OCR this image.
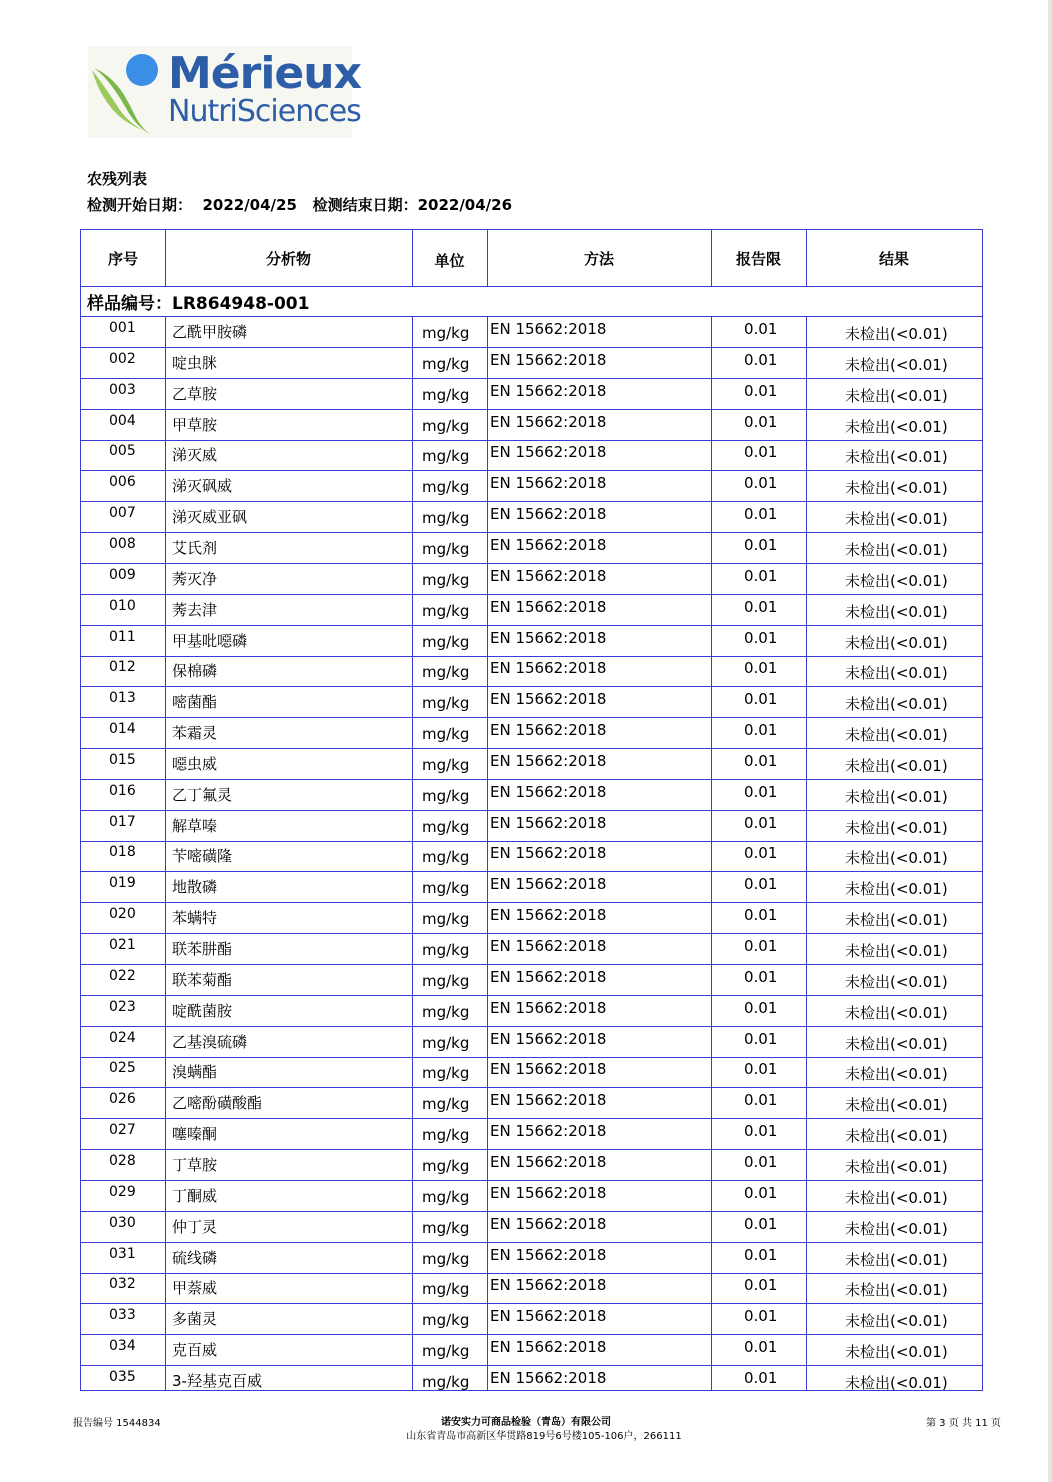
Mérieux
NutriSciences
农残列表
检测开始日期：  2022/04/25   检测结束日期：2022/04/26
序号	分析物	单位	方法	报告限	结果
样品编号：LR864948-001
001 乙酰甲胺磷	mg/kg EN 15662:2018	0.01	未检出(<0.01)
002 啶虫脒	mg/kg EN 15662:2018	0.01	未检出(<0.01)
003 乙草胺	mg/kg EN 15662:2018	0.01	未检出(<0.01)
004 甲草胺	mg/kg EN 15662:2018	0.01	未检出(<0.01)
005 涕灭威	mg/kg EN 15662:2018	0.01	未检出(<0.01)
006 涕灭砜威	mg/kg EN 15662:2018	0.01	未检出(<0.01)
007 涕灭威亚砜	mg/kg EN 15662:2018	0.01	未检出(<0.01)
008 艾氏剂	mg/kg EN 15662:2018	0.01	未检出(<0.01)
009 莠灭净	mg/kg EN 15662:2018	0.01	未检出(<0.01)
010 莠去津	mg/kg EN 15662:2018	0.01	未检出(<0.01)
011 甲基吡噁磷	mg/kg EN 15662:2018	0.01	未检出(<0.01)
012 保棉磷	mg/kg EN 15662:2018	0.01	未检出(<0.01)
013 嘧菌酯	mg/kg EN 15662:2018	0.01	未检出(<0.01)
014 苯霜灵	mg/kg EN 15662:2018	0.01	未检出(<0.01)
015 噁虫威	mg/kg EN 15662:2018	0.01	未检出(<0.01)
016 乙丁氟灵	mg/kg EN 15662:2018	0.01	未检出(<0.01)
017 解草嗪	mg/kg EN 15662:2018	0.01	未检出(<0.01)
018 苄嘧磺隆	mg/kg EN 15662:2018	0.01	未检出(<0.01)
019 地散磷	mg/kg EN 15662:2018	0.01	未检出(<0.01)
020 苯螨特	mg/kg EN 15662:2018	0.01	未检出(<0.01)
021 联苯肼酯	mg/kg EN 15662:2018	0.01	未检出(<0.01)
022 联苯菊酯	mg/kg EN 15662:2018	0.01	未检出(<0.01)
023 啶酰菌胺	mg/kg EN 15662:2018	0.01	未检出(<0.01)
024 乙基溴硫磷	mg/kg EN 15662:2018	0.01	未检出(<0.01)
025 溴螨酯	mg/kg EN 15662:2018	0.01	未检出(<0.01)
026 乙嘧酚磺酸酯	mg/kg EN 15662:2018	0.01	未检出(<0.01)
027 噻嗪酮	mg/kg EN 15662:2018	0.01	未检出(<0.01)
028 丁草胺	mg/kg EN 15662:2018	0.01	未检出(<0.01)
029 丁酮威	mg/kg EN 15662:2018	0.01	未检出(<0.01)
030 仲丁灵	mg/kg EN 15662:2018	0.01	未检出(<0.01)
031 硫线磷	mg/kg EN 15662:2018	0.01	未检出(<0.01)
032 甲萘威	mg/kg EN 15662:2018	0.01	未检出(<0.01)
033 多菌灵	mg/kg EN 15662:2018	0.01	未检出(<0.01)
034 克百威	mg/kg EN 15662:2018	0.01	未检出(<0.01)
035 3-羟基克百威	mg/kg EN 15662:2018	0.01	未检出(<0.01)
报告编号 1544834	诺安实力可商品检验（青岛）有限公司
山东省青岛市高新区华贯路819号6号楼105-106户，266111
第 3 页 共 11 页
